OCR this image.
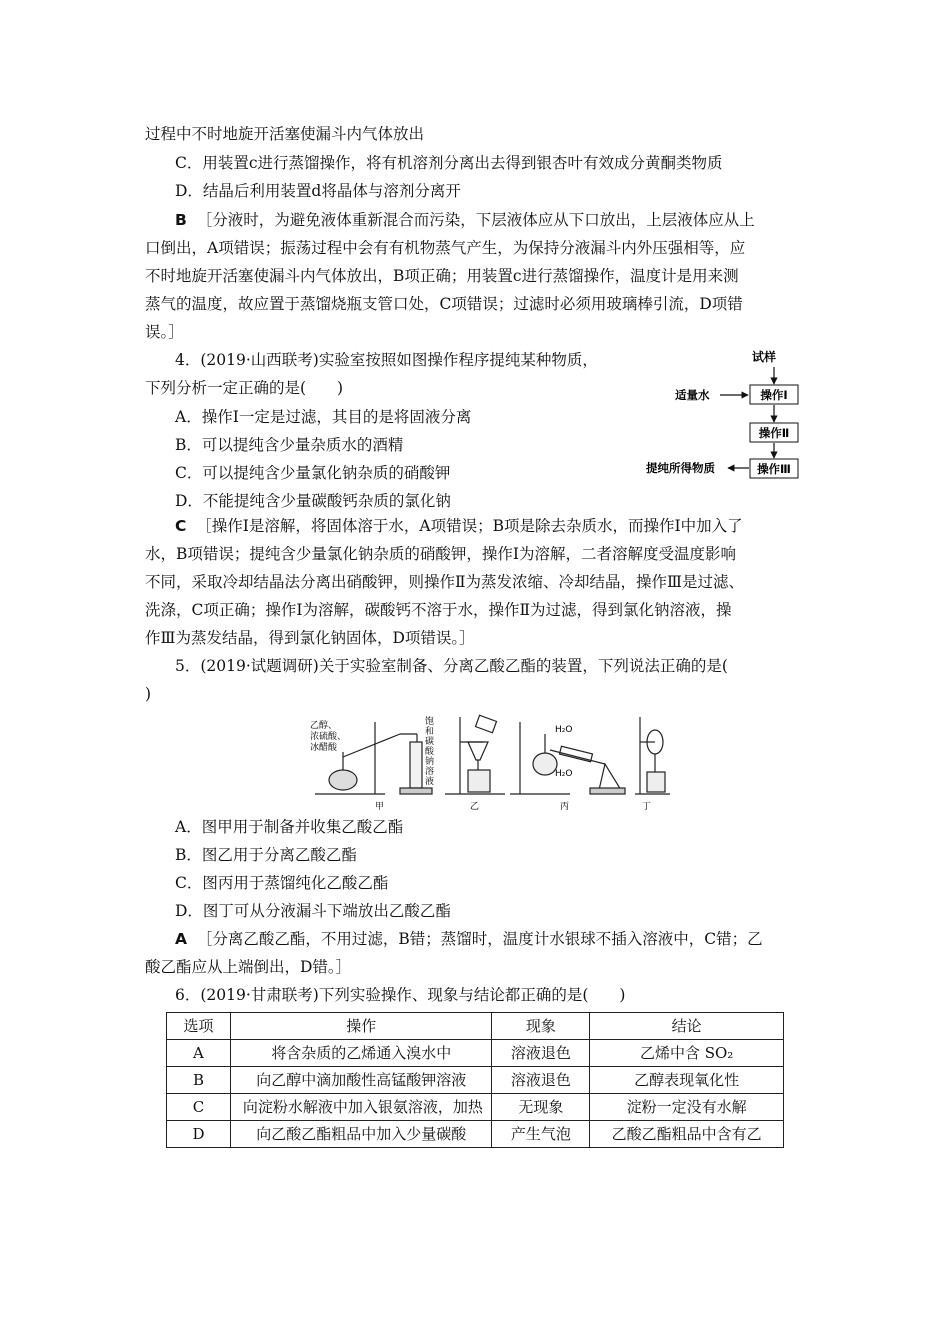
过程中不时地旋开活塞使漏斗内气体放出
C．用装置c进行蒸馏操作，将有机溶剂分离出去得到银杏叶有效成分黄酮类物质
D．结晶后利用装置d将晶体与溶剂分离开
B ［分液时，为避免液体重新混合而污染，下层液体应从下口放出，上层液体应从上
口倒出，A项错误；振荡过程中会有有机物蒸气产生，为保持分液漏斗内外压强相等，应
不时地旋开活塞使漏斗内气体放出，B项正确；用装置c进行蒸馏操作，温度计是用来测
蒸气的温度，故应置于蒸馏烧瓶支管口处，C项错误；过滤时必须用玻璃棒引流，D项错
误。］
4．(2019·山西联考)实验室按照如图操作程序提纯某种物质，
下列分析一定正确的是(　　)
A．操作Ⅰ一定是过滤，其目的是将固液分离
B．可以提纯含少量杂质水的酒精
C．可以提纯含少量氯化钠杂质的硝酸钾
D．不能提纯含少量碳酸钙杂质的氯化钠
试样
操作Ⅰ
适量水
操作Ⅱ
操作Ⅲ
提纯所得物质
C ［操作Ⅰ是溶解，将固体溶于水，A项错误；B项是除去杂质水，而操作Ⅰ中加入了
水，B项错误；提纯含少量氯化钠杂质的硝酸钾，操作Ⅰ为溶解，二者溶解度受温度影响
不同，采取冷却结晶法分离出硝酸钾，则操作Ⅱ为蒸发浓缩、冷却结晶，操作Ⅲ是过滤、
洗涤，C项正确；操作Ⅰ为溶解，碳酸钙不溶于水，操作Ⅱ为过滤，得到氯化钠溶液，操
作Ⅲ为蒸发结晶，得到氯化钠固体，D项错误。］
5．(2019·试题调研)关于实验室制备、分离乙酸乙酯的装置，下列说法正确的是(
)
乙醇、
浓硫酸、
冰醋酸
饱
和
碳
酸
钠
溶
液
H₂O
H₂O
甲	乙	丙	丁
A．图甲用于制备并收集乙酸乙酯
B．图乙用于分离乙酸乙酯
C．图丙用于蒸馏纯化乙酸乙酯
D．图丁可从分液漏斗下端放出乙酸乙酯
A ［分离乙酸乙酯，不用过滤，B错；蒸馏时，温度计水银球不插入溶液中，C错；乙
酸乙酯应从上端倒出，D错。］
6．(2019·甘肃联考)下列实验操作、现象与结论都正确的是(　　)
选项	操作	现象	结论
A	将含杂质的乙烯通入溴水中	溶液退色	乙烯中含 SO₂
B	向乙醇中滴加酸性高锰酸钾溶液	溶液退色	乙醇表现氧化性
C	向淀粉水解液中加入银氨溶液，加热	无现象	淀粉一定没有水解
D	向乙酸乙酯粗品中加入少量碳酸	产生气泡	乙酸乙酯粗品中含有乙
